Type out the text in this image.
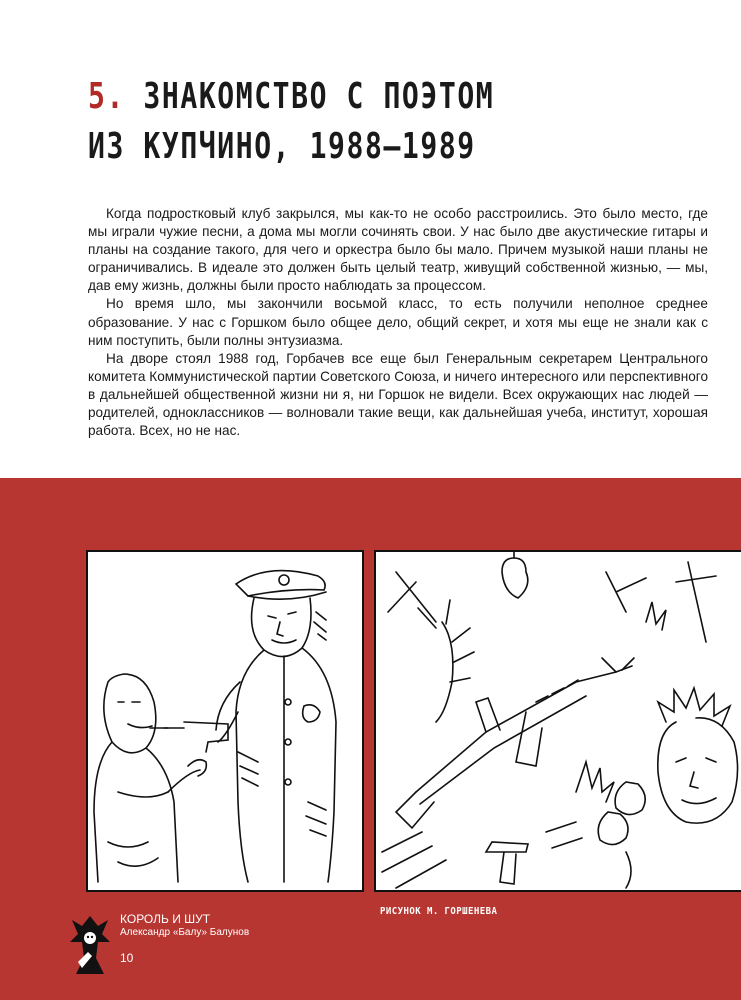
5. ЗНАКОМСТВО С ПОЭТОМ
ИЗ КУПЧИНО, 1988–1989

Когда подростковый клуб закрылся, мы как-то не особо расстроились. Это было место, где мы играли чужие песни, а дома мы могли сочинять свои. У нас было две акустические гитары и планы на создание такого, для чего и оркестра было бы мало. Причем музыкой наши планы не ограничивались. В идеале это должен быть целый театр, живущий собственной жизнью, — мы, дав ему жизнь, должны были просто наблюдать за процессом.

Но время шло, мы закончили восьмой класс, то есть получили неполное среднее образование. У нас с Горшком было общее дело, общий секрет, и хотя мы еще не знали как с ним поступить, были полны энтузиазма.

На дворе стоял 1988 год, Горбачев все еще был Генеральным секретарем Центрального комитета Коммунистической партии Советского Союза, и ничего интересного или перспективного в дальнейшей общественной жизни ни я, ни Горшок не видели. Всех окружающих нас людей — родителей, одноклассников — волновали такие вещи, как дальнейшая учеба, институт, хорошая работа. Всех, но не нас.

РИСУНОК М. ГОРШЕНЕВА
КОРОЛЬ И ШУТ
Александр «Балу» Балунов
10
